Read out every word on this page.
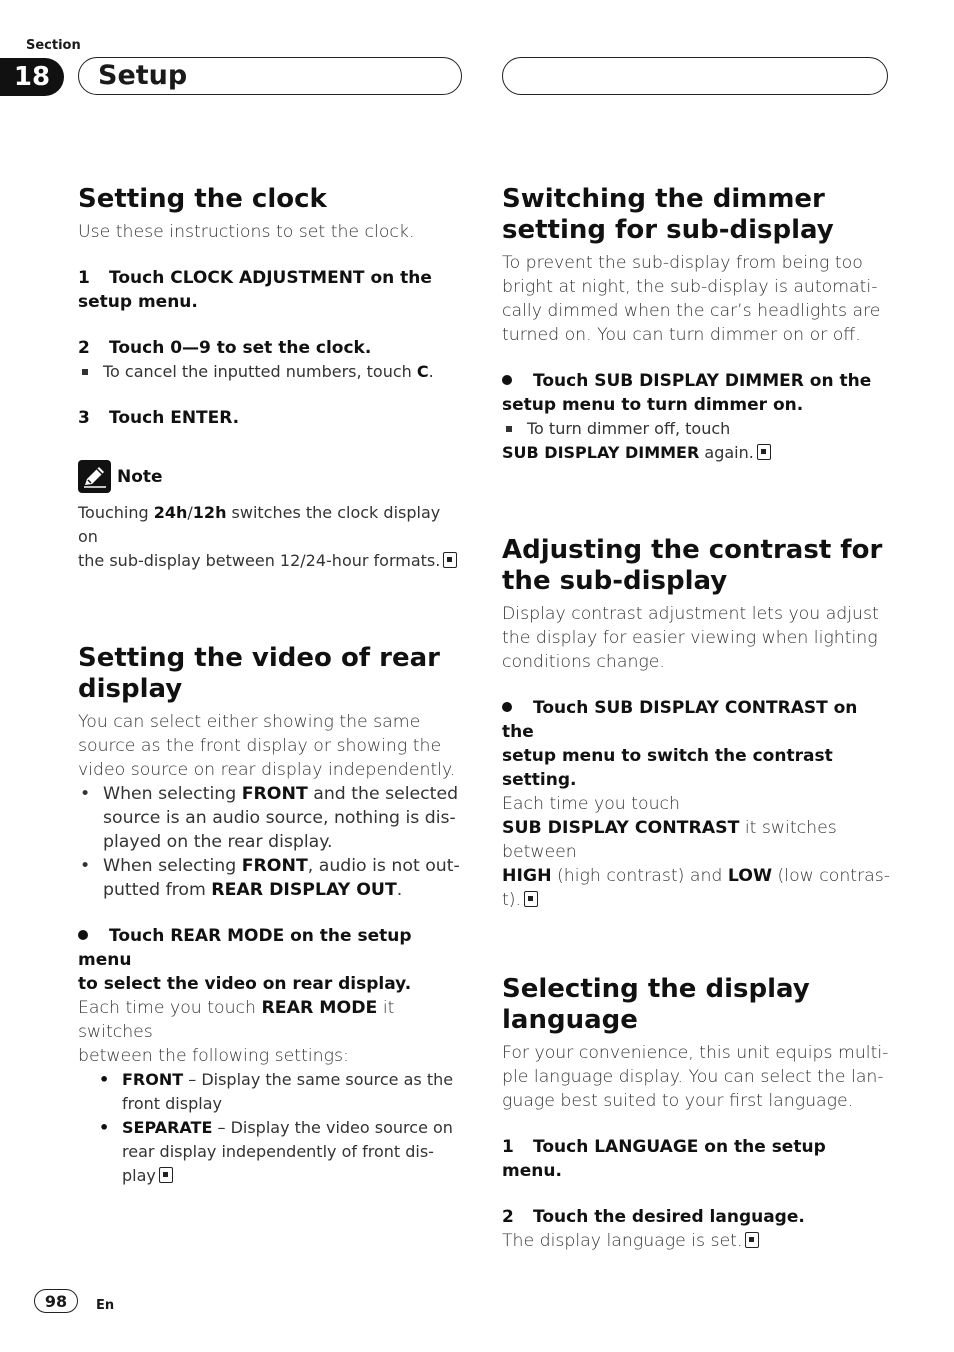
Section
18	Setup
Setting the clock

Use these instructions to set the clock.

1 Touch CLOCK ADJUSTMENT on the
setup menu.
2 Touch 0—9 to set the clock.
To cancel the inputted numbers, touch C.
3 Touch ENTER.
Note
Touching 24h/12h switches the clock display on
the sub-display between 12/24-hour formats.
Setting the video of rear
display

You can select either showing the same
source as the front display or showing the
video source on rear display independently.

• When selecting FRONT and the selected
source is an audio source, nothing is dis-
played on the rear display.
• When selecting FRONT, audio is not out-
putted from REAR DISPLAY OUT.
Touch REAR MODE on the setup menu
to select the video on rear display.

Each time you touch REAR MODE it switches
between the following settings:

• FRONT – Display the same source as the
front display
• SEPARATE – Display the video source on
rear display independently of front dis-
play
Switching the dimmer
setting for sub-display

To prevent the sub-display from being too
bright at night, the sub-display is automati-
cally dimmed when the car’s headlights are
turned on. You can turn dimmer on or off.

Touch SUB DISPLAY DIMMER on the
setup menu to turn dimmer on.
To turn dimmer off, touch
SUB DISPLAY DIMMER again.
Adjusting the contrast for
the sub-display

Display contrast adjustment lets you adjust
the display for easier viewing when lighting
conditions change.

Touch SUB DISPLAY CONTRAST on the
setup menu to switch the contrast setting.

Each time you touch
SUB DISPLAY CONTRAST it switches between
HIGH (high contrast) and LOW (low contras-
t).

Selecting the display language

For your convenience, this unit equips multi-
ple language display. You can select the lan-
guage best suited to your first language.

1 Touch LANGUAGE on the setup menu.
2 Touch the desired language.

The display language is set.

98	En
